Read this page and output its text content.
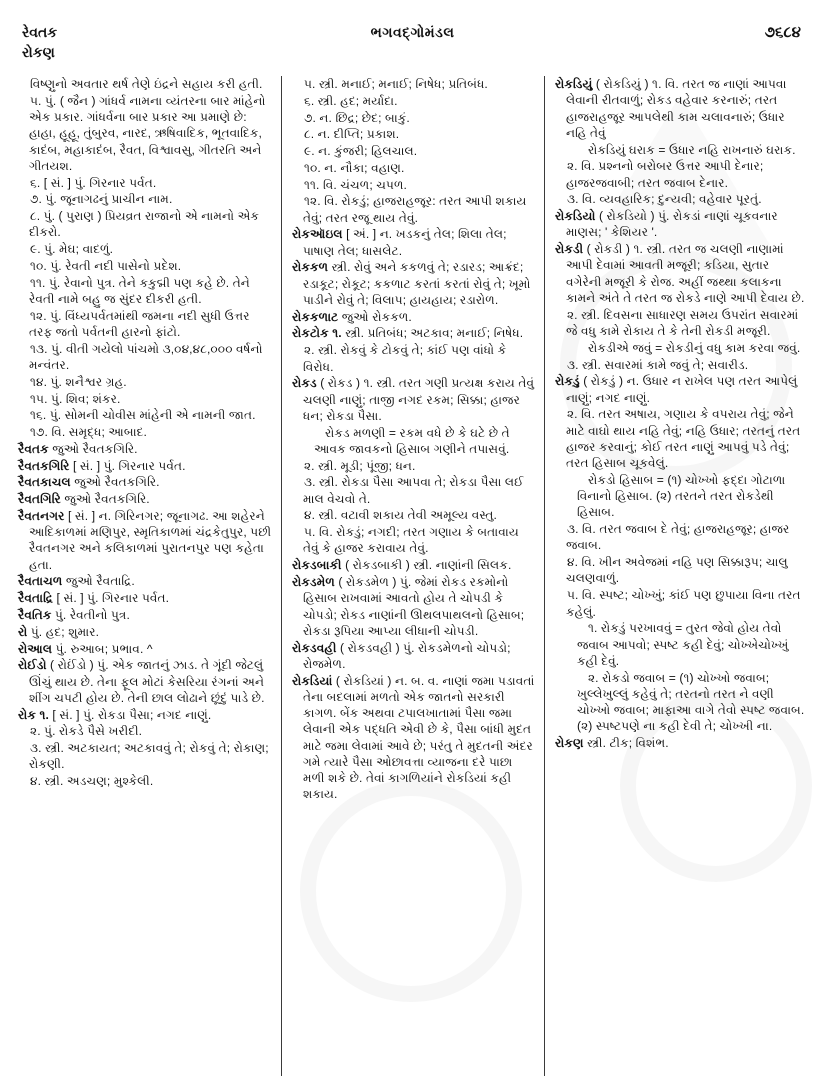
રેવતક
રોકણ
ભગવદ્ગોમંડલ	૭૬૮૪

વિષ્ણુનો અવતાર થર્ષ તેણે ઇંદ્રને સહાય કરી હતી.

૫. પું. ( જૈન ) ગાંધર્વ નામના વ્યંતરના બાર માંહેનો એક પ્રકાર. ગાંધર્વના બાર પ્રકાર આ પ્રમાણે છે: હાહા, હૂહૂ, તુંબુરવ, નારદ, ઋષિવાદિક, ભૂતવાદિક, કાદંબ, મહાકાદંબ, રૈવત, વિશ્વાવસુ, ગીતરતિ અને ગીતયશ.

૬. [ સં. ] પું. ગિરનાર પર્વત.

૭. પું. જૂનાગઢનું પ્રાચીન નામ.

૮. પું. ( પુરાણ ) પ્રિયવ્રત રાજાનો એ નામનો એક દીકરો.

૯. પું. મેઘ; વાદળું.

૧૦. પું. રેવતી નદી પાસેનો પ્રદેશ.

૧૧. પું. રેવાનો પુત્ર. તેને કકુદ્મી પણ કહે છે. તેને રેવતી નામે બહુ જ સુંદર દીકરી હતી.

૧૨. પું. વિંધ્યપર્વતમાંથી જમના નદી સુધી ઉત્તર તરફ જતો પર્વતની હારનો ફાંટો.

૧૩. પું. વીતી ગયેલો પાંચમો ૩,૦૪,૪૮,૦૦૦ વર્ષનો મન્વંતર.

૧૪. પું. શનૈશ્વર ગ્રહ.

૧૫. પું. શિવ; શંકર.

૧૬. પું. સોમની ચોવીસ માંહેની એ નામની જાત.

૧૭. વિ. સમૃદ્ધ; આબાદ.

રૈવતક જુઓ રૈવતકગિરિ.

રૈવતકગિરિ [ સં. ] પું. ગિરનાર પર્વત.

રૈવતકાચલ જુઓ રૈવતકગિરિ.

રૈવતગિરિ જુઓ રૈવતકગિરિ.

રૈવતનગર [ સં. ] ન. ગિરિનગર; જૂનાગઢ. આ શહેરને આદિકાળમાં મણિપુર, સ્મૃતિકાળમાં ચંદ્રકેતુપુર, પછી રૈવતનગર અને કલિકાળમાં પુરાતનપુર પણ કહેતા હતા.

રૈવતાચળ જુઓ રૈવતાદ્રિ.

રૈવતાદ્રિ [ સં. ] પું. ગિરનાર પર્વત.

રૈવતિક પું. રેવતીનો પુત્ર.

રો પું. હદ; શુમાર.

રોઆલ પું. રુઆબ; પ્રભાવ. ^

રોઈડો ( રોઈંડો ) પું. એક જાતનું ઝાડ. તે ગૂંદી જેટલું ઊંચું થાય છે. તેના ફૂલ મોટાં કેસરિયા રંગનાં અને શીંગ ચપટી હોય છે. તેની છાલ લોઢાને છૂંદું પાડે છે.

રોક ૧. [ સં. ] પું. રોકડા પૈસા; નગદ નાણું.

૨. પું. રોકડે પૈસે ખરીદી.

૩. સ્ત્રી. અટકાયત; અટકાવવું તે; રોકવું તે; રોકાણ; રોકણી.

૪. સ્ત્રી. અડચણ; મુશ્કેલી.

૫. સ્ત્રી. મનાઈ; મનાઈ; નિષેધ; પ્રતિબંધ.

૬. સ્ત્રી. હદ; મર્યાદા.

૭. ન. છિદ્ર; છેદ; બાકું.

૮. ન. દીપ્તિ; પ્રકાશ.

૯. ન. કુંજરી; હિલચાલ.

૧૦. ન. નૌકા; વહાણ.

૧૧. વિ. ચંચળ; ચપળ.

૧૨. વિ. રોકડું; હાજરાહજૂર: તરત આપી શકાય તેવું; તરત રજૂ થાય તેવું.

રોકઑઇલ [ અં. ] ન. ખડકનું તેલ; શિલા તેલ; પાષાણ તેલ; ધાસલેટ.

રોકકળ સ્ત્રી. રોવું અને કકળવું તે; રડારડ; આક્રંદ; રડાકૂટ; રોકૂટ; કકળાટ કરતાં કરતાં રોવું તે; ખૂમો પાડીને રોવું તે; વિલાપ; હાયહાય; રડારોળ.

રોકકળાટ જુઓ રોકકળ.

રોકટોક ૧. સ્ત્રી. પ્રતિબંધ; અટકાવ; મનાઈ; નિષેધ.

૨. સ્ત્રી. રોકવું કે ટોકવું તે; કાંઈ પણ વાંધો કે વિરોધ.

રોકડ ( રોકડ ) ૧. સ્ત્રી. તરત ગણી પ્રત્યક્ષ કરાય તેવું ચલણી નાણું; તાજી નગદ રકમ; સિક્કા; હાજર ધન; રોકડા પૈસા.

રોકડ મળણી = રકમ વધે છે કે ઘટે છે તે આવક જાવકનો હિસાબ ગણીને તપાસવું.

૨. સ્ત્રી. મૂડી; પૂંજી; ધન.

૩. સ્ત્રી. રોકડા પૈસા આપવા તે; રોકડા પૈસા લઈ માલ વેચવો તે.

૪. સ્ત્રી. વટાવી શકાય તેવી અમૂલ્ય વસ્તુ.

૫. વિ. રોકડું; નગદી; તરત ગણાય કે બતાવાય તેવું કે હાજર કરાવાય તેવું.

રોકડબાકી ( રોકડબાકી ) સ્ત્રી. નાણાંની સિલક.

રોકડમેળ ( રોકડમેળ ) પું. જેમાં રોકડ રકમોનો હિસાબ રાખવામાં આવતો હોય તે ચોપડી કે ચોપડો; રોકડ નાણાંની ઊથલપાથલનો હિસાબ; રોકડા રૂપિયા આપ્યા લીધાની ચોપડી.

રોકડવહી ( રોકડવહી ) પું. રોકડમેળનો ચોપડો; રોજમેળ.

રોકડિયાં ( રોકડિયાં ) ન. બ. વ. નાણાં જમા પડાવતાં તેના બદલામાં મળતો એક જાતનો સરકારી કાગળ. બેંક અથવા ટપાલખાતામાં પૈસા જમા લેવાની એક પદ્ધતિ એવી છે કે, પૈસા બાંધી મુદત માટે જમા લેવામાં આવે છે; પરંતુ તે મુદતની અંદર ગમે ત્યારે પૈસા ઓછાવત્તા વ્યાજના દરે પાછા મળી શકે છે. તેવાં કાગળિયાંને રોકડિયાં કહી શકાય.

રોકડિયું ( રોકડિયું ) ૧. વિ. તરત જ નાણાં આપવા લેવાની રીતવાળું; રોકડ વહેવાર કરનારું; તરત હાજરાહજૂર આપલેથી કામ ચલાવનારું; ઉધાર નહિ તેવું

રોકડિયું ઘરાક = ઉધાર નહિ રાખનારું ઘરાક.

૨. વિ. પ્રશ્નનો બરોબર ઉત્તર આપી દેનાર; હાજરજવાબી; તરત જવાબ દેનાર.

૩. વિ. વ્યવહારિક; દુન્યવી; વહેવાર પૂરતું.

રોકડિયો ( રોકડિયો ) પું. રોકડાં નાણાં ચૂકવનાર માણસ; ' કેશિયર '.

રોકડી ( રોકડી ) ૧. સ્ત્રી. તરત જ ચલણી નાણામાં આપી દેવામાં આવતી મજૂરી; કડિયા, સુતાર વગેરેની મજૂરી કે રોજ. અહીં જથ્થા કલાકના કામને અંતે તે તરત જ રોકડે નાણે આપી દેવાય છે.

૨. સ્ત્રી. દિવસના સાધારણ સમય ઉપરાંત સવારમાં જે વધુ કામે રોકાય તે કે તેની રોકડી મજૂરી.

રોકડીએ જવું = રોકડીનું વધુ કામ કરવા જવું.

૩. સ્ત્રી. સવારમાં કામે જવું તે; સવારીડ.

રોકડું ( રોકડું ) ન. ઉધાર ન રાખેલ પણ તરત આપેલું નાણું; નગદ નાણું.

૨. વિ. તરત અષાય, ગણાય કે વપરાય તેવું; જેને માટે વાઘો થાય નહિ તેવું; નહિ ઉધાર; તરતનું તરત હાજર કરવાનું; કોઈ તરત નાણું આપવું પડે તેવું; તરત હિસાબ ચૂકવેલું.

રોકડો હિસાબ = (૧) ચોખ્ખો ફદ્દા ગોટાળા વિનાનો હિસાબ. (૨) તરતને તરત રોકડેથી હિસાબ.

૩. વિ. તરત જવાબ દે તેવું; હાજરાહજૂર; હાજર જવાબ.

૪. વિ. ખીન અવેજમાં નહિ પણ સિક્કારૂપ; ચાલુ ચલણવાળું.

૫. વિ. સ્પષ્ટ; ચોખ્ખું; કાંઈ પણ છુપાયા વિના તરત કહેલું.

૧. રોકડું પરખાવવું = તુરત જેવો હોય તેવો જવાબ આપવો; સ્પષ્ટ કહી દેવું; ચોખ્ખેચોખ્ખું કહી દેવું.

૨. રોકડો જવાબ = (૧) ચોખ્ખો જવાબ; ખુલ્લેખુલ્લું કહેવું તે; તરતનો તરત ને વણી ચોખ્ખો જવાબ; માફાઆ વાગે તેવો સ્પષ્ટ જવાબ. (૨) સ્પષ્ટપણે ના કહી દેવી તે; ચોખ્ખી ના.

રોકણ સ્ત્રી. ટીક; વિશંભ.
